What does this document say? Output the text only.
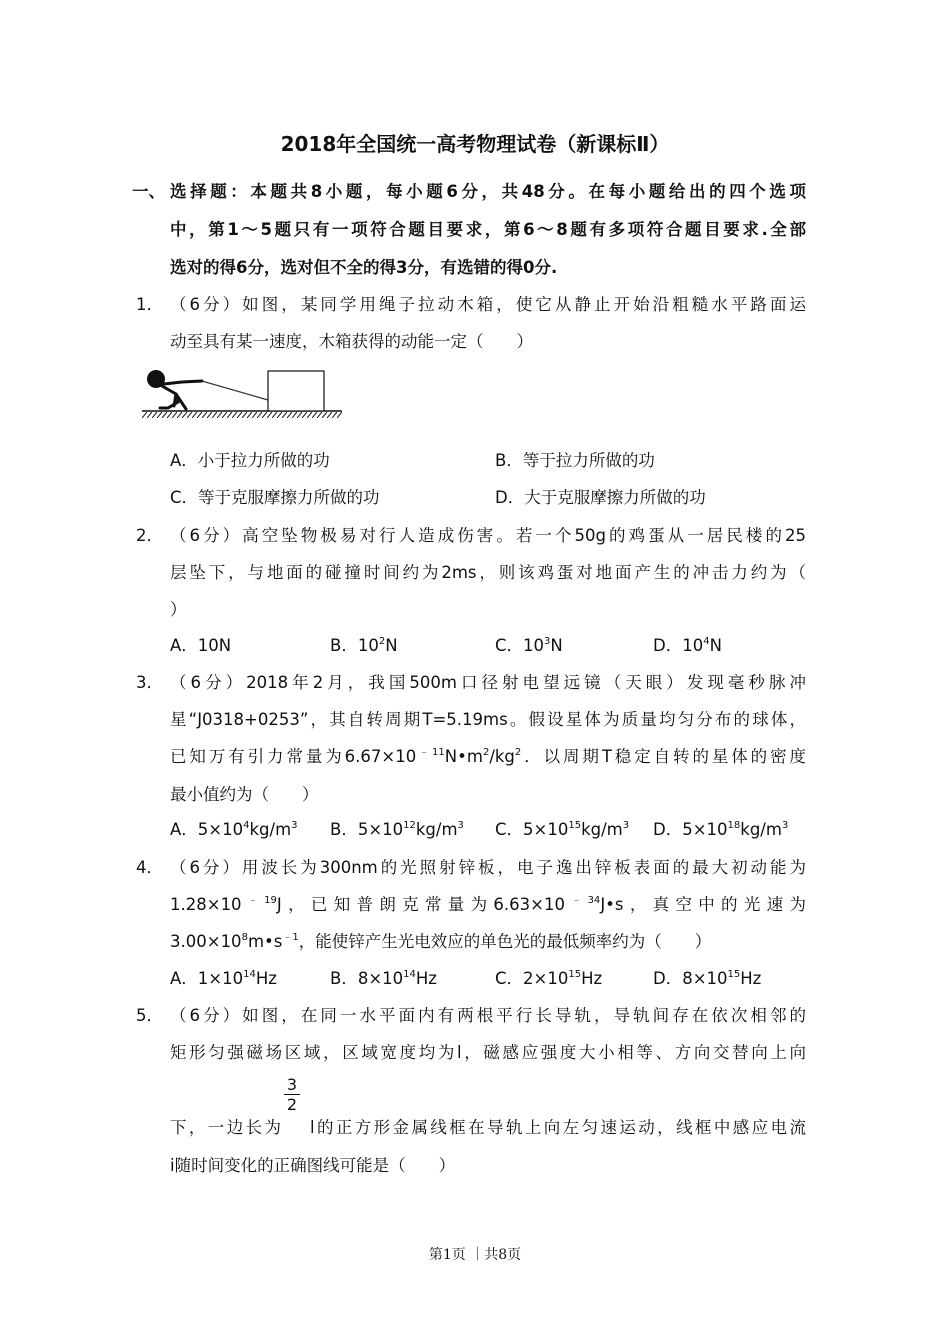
2018年全国统一高考物理试卷（新课标Ⅱ）
一、 选择题：本题共8小题，每小题6分，共48分。在每小题给出的四个选项
中，第1～5题只有一项符合题目要求，第6～8题有多项符合题目要求.全部
选对的得6分，选对但不全的得3分，有选错的得0分.
1． （6分）如图，某同学用绳子拉动木箱，使它从静止开始沿粗糙水平路面运
动至具有某一速度，木箱获得的动能一定（　　）
A．小于拉力所做的功	B．等于拉力所做的功
C．等于克服摩擦力所做的功	D．大于克服摩擦力所做的功
2． （6分）高空坠物极易对行人造成伤害。若一个50g的鸡蛋从一居民楼的25
层坠下，与地面的碰撞时间约为2ms，则该鸡蛋对地面产生的冲击力约为（
）
A．10N	B．$10^2N$	C．$10^3N$	D．$10^4N$
3． （6分）2018年2月，我国500m口径射电望远镜（天眼）发现毫秒脉冲
星“J0318+0253”，其自转周期T=5.19ms。假设星体为质量均匀分布的球体，
已知万有引力常量为$6.67\times 10^{﹣11}N•m^2/kg^2$．以周期T稳定自转的星体的密度
最小值约为（　　）
A．$5\times 10^4kg/m^3$ B．$5\times 10^{12}kg/m^3$ C．$5\times 10^{15}kg/m^3$ D．$5\times 10^{18}kg/m^3$
4． （6分）用波长为300nm的光照射锌板，电子逸出锌板表面的最大初动能为
$1.28\times 10^{﹣19}J$，已知普朗克常量为$6.63\times 10^{﹣34}J•s$，真空中的光速为
$3.00\times 10^8m•s^{﹣1}$，能使锌产生光电效应的单色光的最低频率约为（　　）
A．$1\times 10^{14}Hz$	B．$8\times 10^{14}Hz$	C．$2\times 10^{15}Hz$	D．$8\times 10^{15}Hz$
5． （6分）如图，在同一水平面内有两根平行长导轨，导轨间存在依次相邻的
矩形匀强磁场区域，区域宽度均为l，磁感应强度大小相等、方向交替向上向
$\frac{3}{2}$
下，一边长为　 l的正方形金属线框在导轨上向左匀速运动，线框中感应电流
i随时间变化的正确图线可能是（　　）
第1页 ｜共8页
